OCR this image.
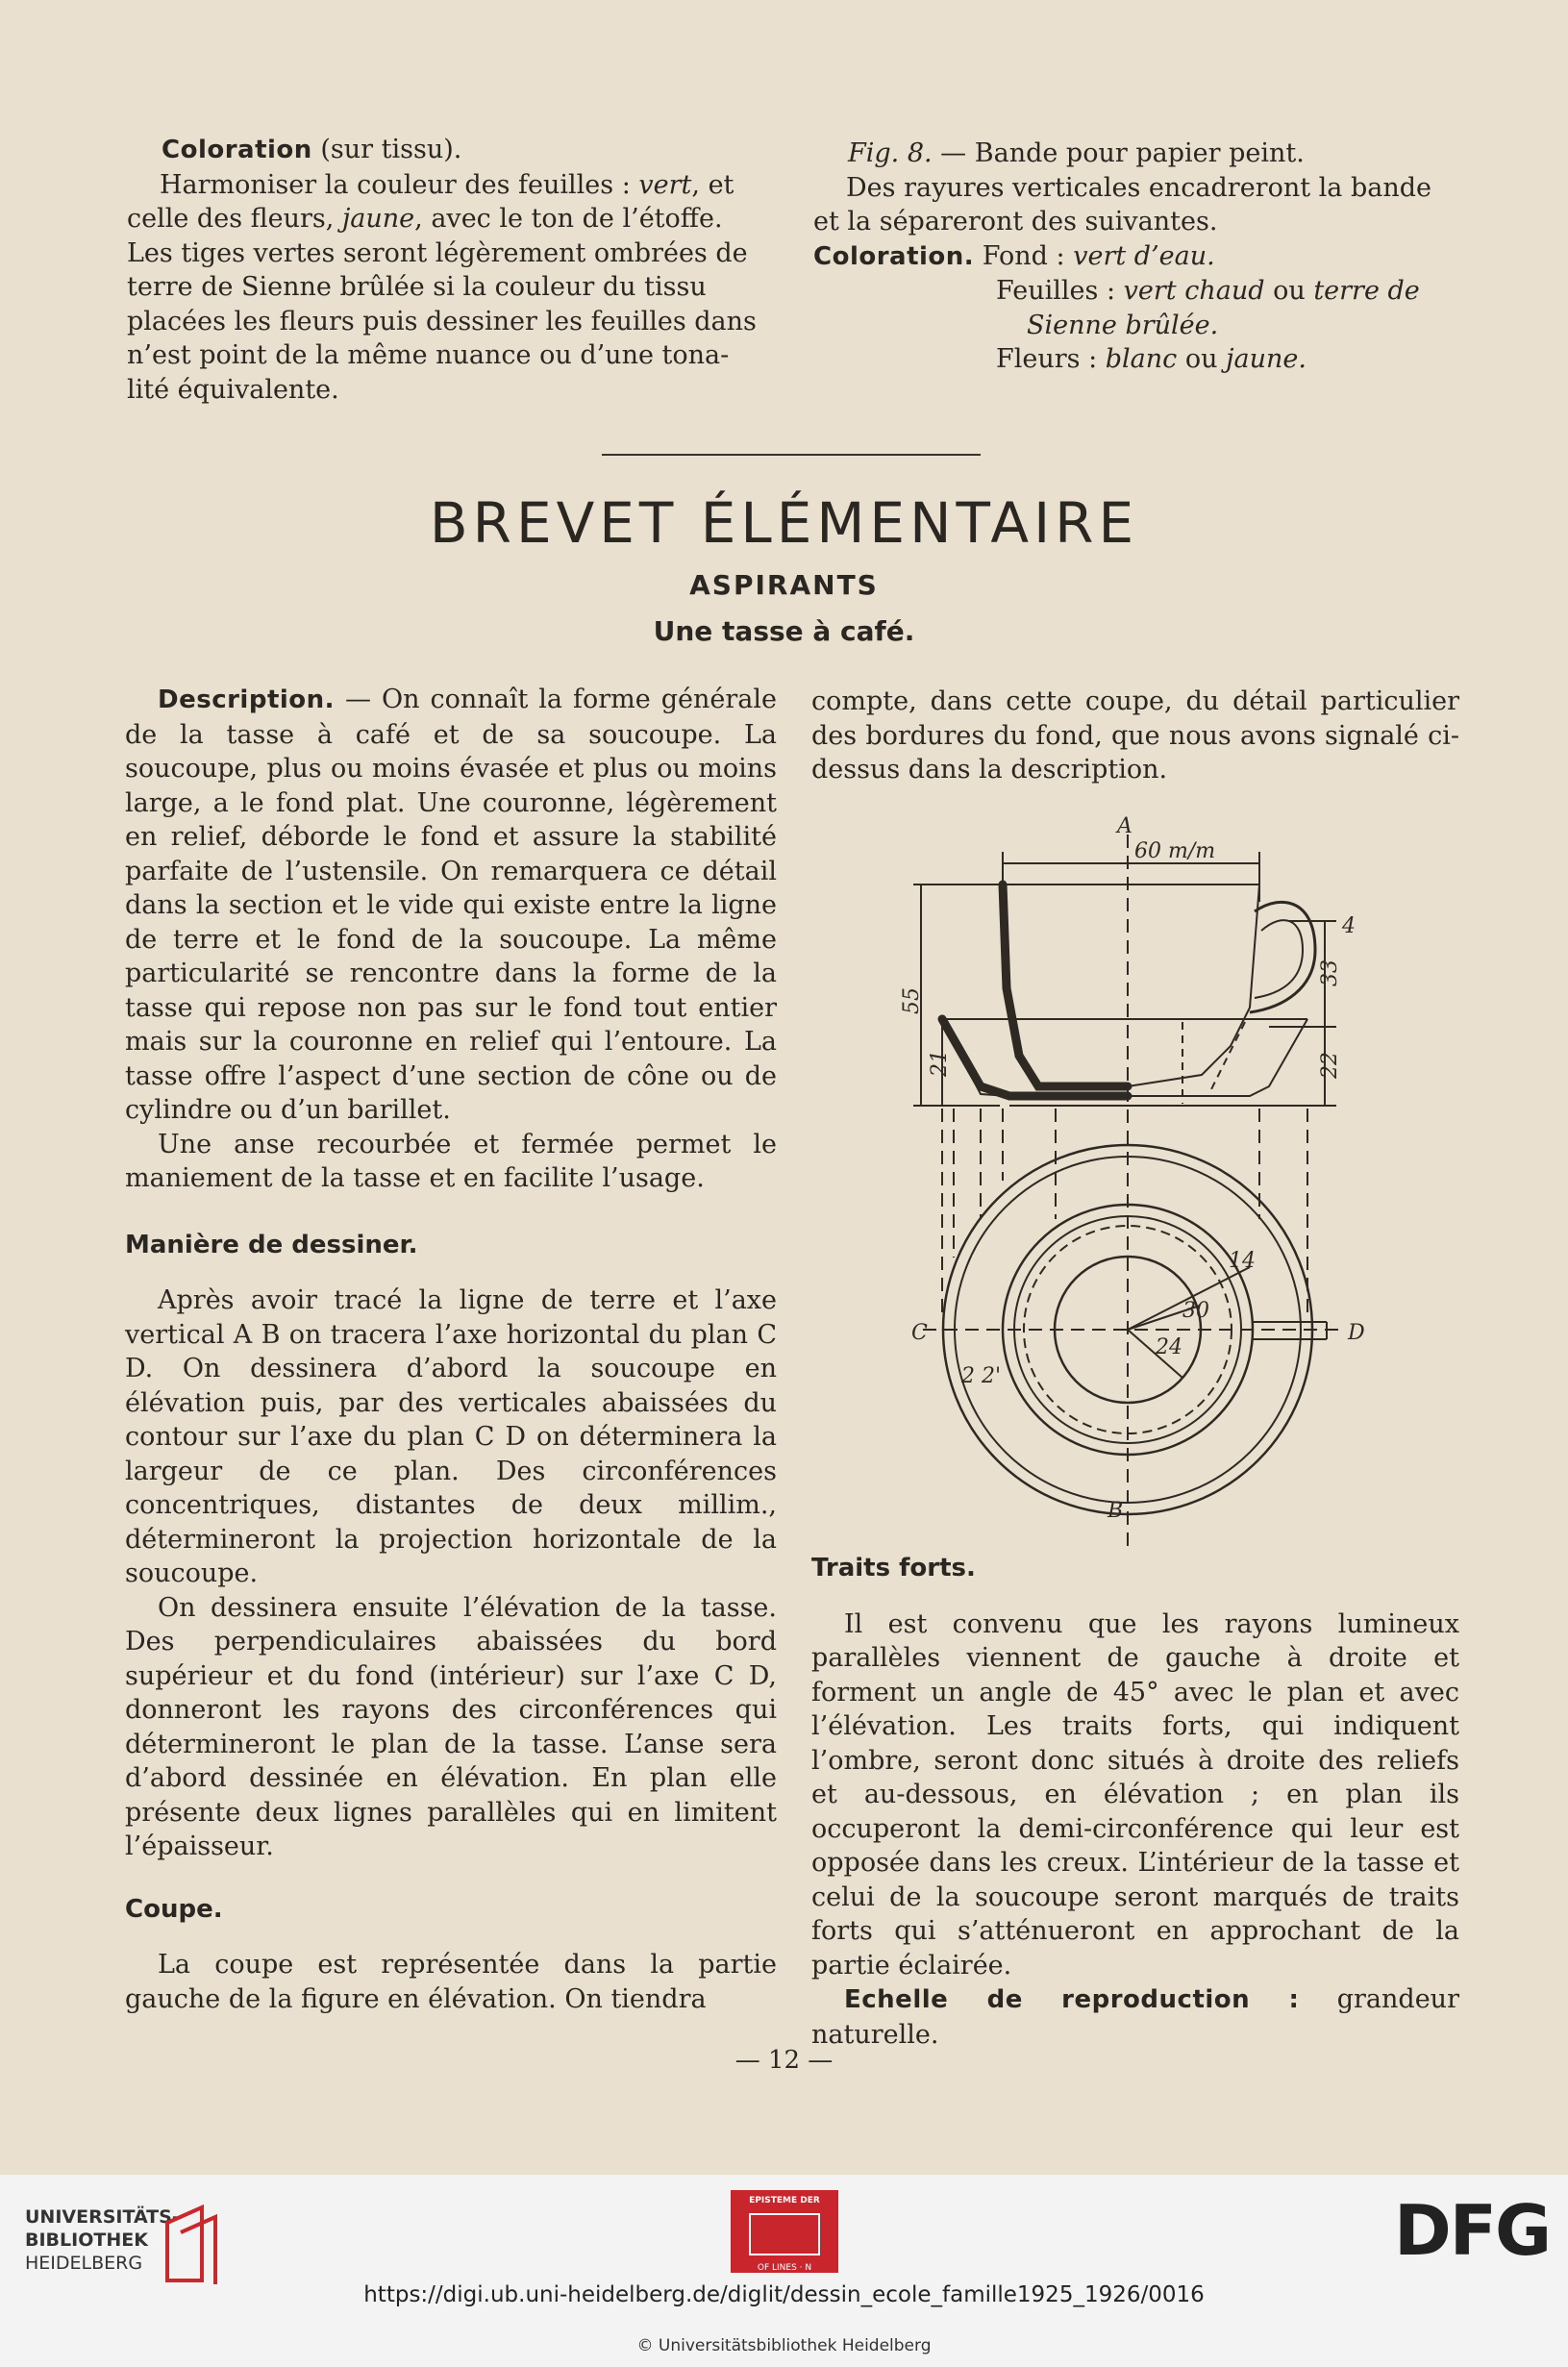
Coloration (sur tissu).

Harmoniser la couleur des feuilles : vert, et

celle des fleurs, jaune, avec le ton de l’étoffe.

Les tiges vertes seront légèrement ombrées de

terre de Sienne brûlée si la couleur du tissu

placées les fleurs puis dessiner les feuilles dans

n’est point de la même nuance ou d’une tona-

lité équivalente.

Fig. 8. — Bande pour papier peint.

Des rayures verticales encadreront la bande

et la sépareront des suivantes.

Coloration. Fond : vert d’eau.

Feuilles : vert chaud ou terre de

Sienne brûlée.

Fleurs : blanc ou jaune.

BREVET ÉLÉMENTAIRE
ASPIRANTS
Une tasse à café.

Description. — On connaît la forme générale de la tasse à café et de sa soucoupe. La soucoupe, plus ou moins évasée et plus ou moins large, a le fond plat. Une couronne, légèrement en relief, déborde le fond et assure la stabilité parfaite de l’ustensile. On remarquera ce détail dans la section et le vide qui existe entre la ligne de terre et le fond de la soucoupe. La même particularité se rencontre dans la forme de la tasse qui repose non pas sur le fond tout entier mais sur la couronne en relief qui l’entoure. La tasse offre l’aspect d’une section de cône ou de cylindre ou d’un barillet.

Une anse recourbée et fermée permet le maniement de la tasse et en facilite l’usage.

Manière de dessiner.

Après avoir tracé la ligne de terre et l’axe vertical A B on tracera l’axe horizontal du plan C D. On dessinera d’abord la soucoupe en élévation puis, par des verticales abaissées du contour sur l’axe du plan C D on déterminera la largeur de ce plan. Des circonférences concentriques, distantes de deux millim., détermineront la projection horizontale de la soucoupe.

On dessinera ensuite l’élévation de la tasse. Des perpendiculaires abaissées du bord supérieur et du fond (intérieur) sur l’axe C D, donneront les rayons des circonférences qui détermineront le plan de la tasse. L’anse sera d’abord dessinée en élévation. En plan elle présente deux lignes parallèles qui en limitent l’épaisseur.

Coupe.

La coupe est représentée dans la partie gauche de la figure en élévation. On tiendra

compte, dans cette coupe, du détail particulier des bordures du fond, que nous avons signalé ci-dessus dans la description.

A
60 m/m
55
33
22
21
4
C	D
B
14
30
24
2 2'

Traits forts.

Il est convenu que les rayons lumineux parallèles viennent de gauche à droite et forment un angle de 45° avec le plan et avec l’élévation. Les traits forts, qui indiquent l’ombre, seront donc situés à droite des reliefs et au-dessous, en élévation ; en plan ils occuperont la demi-circonférence qui leur est opposée dans les creux. L’intérieur de la tasse et celui de la soucoupe seront marqués de traits forts qui s’atténueront en approchant de la partie éclairée.

Echelle de reproduction : grandeur naturelle.

— 12 —
UNIVERSITÄTS-
BIBLIOTHEK
HEIDELBERG
EPISTEME DER
OF LINES · N	DFG
https://digi.ub.uni-heidelberg.de/diglit/dessin_ecole_famille1925_1926/0016
© Universitätsbibliothek Heidelberg
